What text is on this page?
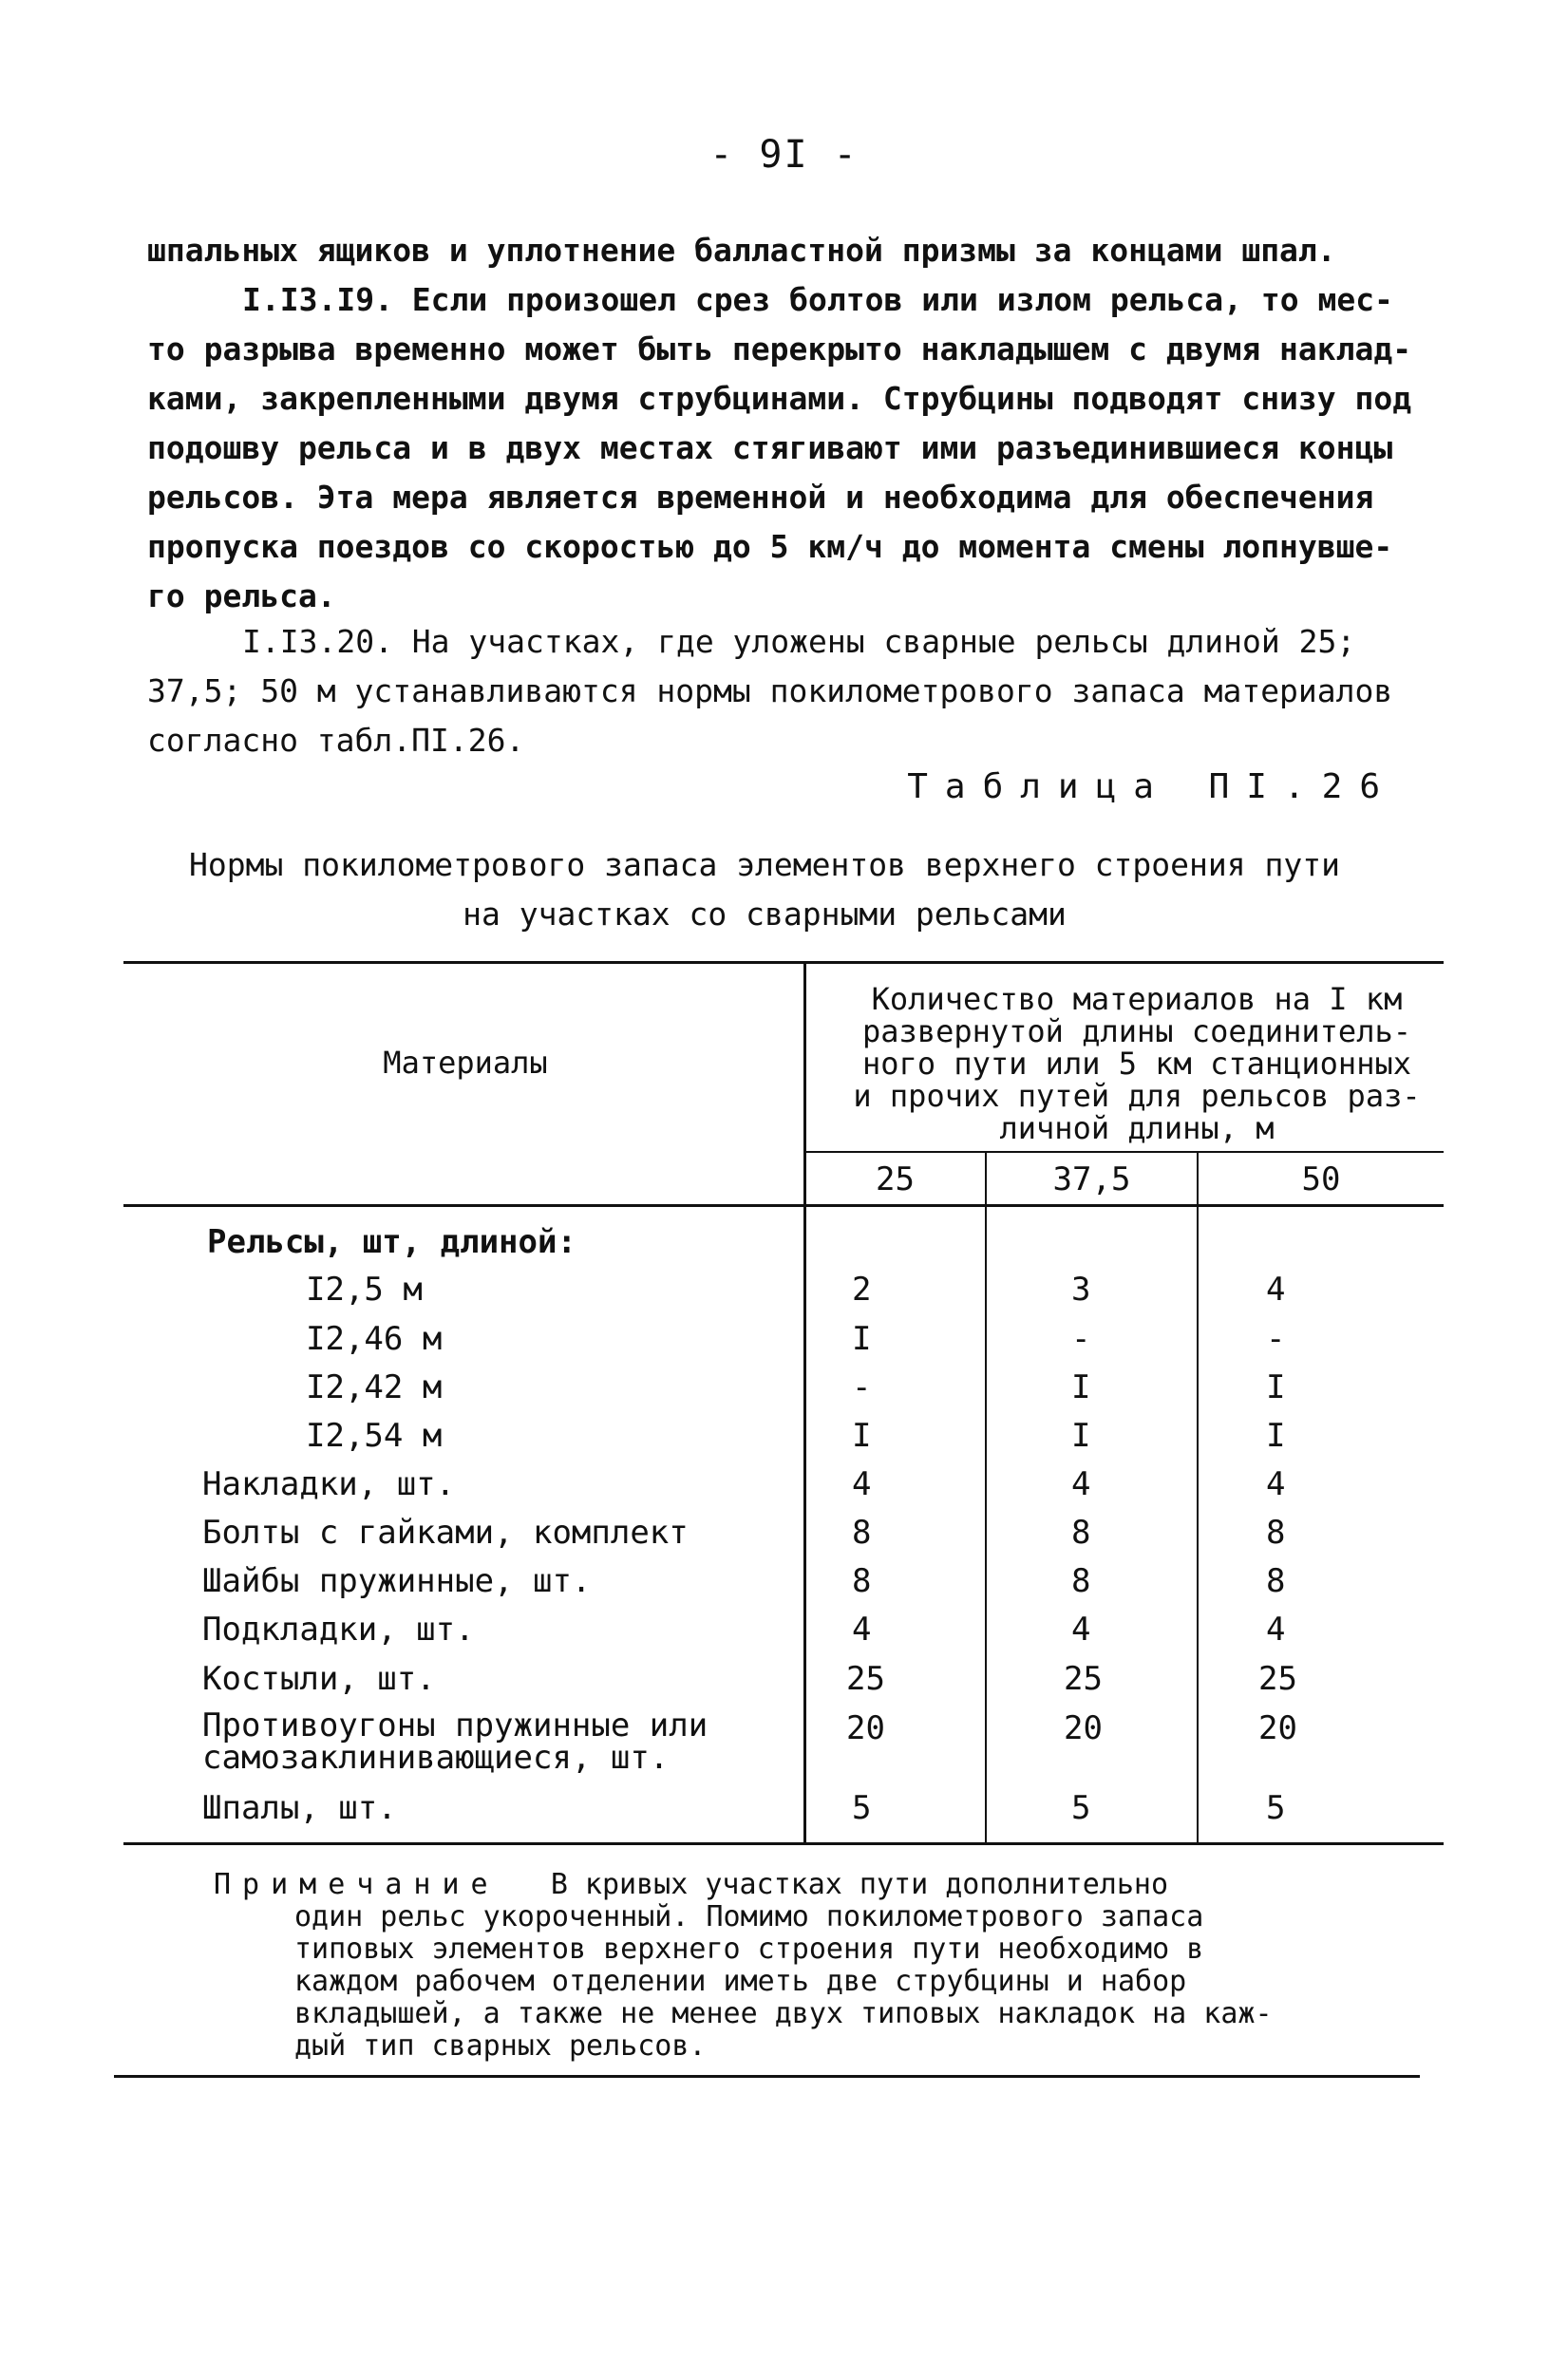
- 9I -
шпальных ящиков и уплотнение балластной призмы за концами шпал.
I.I3.I9. Если произошел срез болтов или излом рельса, то мес-
то разрыва временно может быть перекрыто накладышем с двумя наклад-
ками, закрепленными двумя струбцинами. Струбцины подводят снизу под
подошву рельса и в двух местах стягивают ими разъединившиеся концы
рельсов. Эта мера является временной и необходима для обеспечения
пропуска поездов со скоростью до 5 км/ч до момента смены лопнувше-
го рельса.
I.I3.20. На участках, где уложены сварные рельсы длиной 25;
37,5; 50 м устанавливаются нормы покилометрового запаса материалов
согласно табл.ПI.26.
Таблица ПI.26
Нормы покилометрового запаса элементов верхнего строения пути
на участках со сварными рельсами
Материалы
Количество материалов на I км
развернутой длины соединитель-
ного пути или 5 км станционных
и прочих путей для рельсов раз-
личной длины, м
25	37,5	50
Рельсы, шт, длиной:
I2,5 м	2	3	4
I2,46 м	I	-	-
I2,42 м	-	I	I
I2,54 м	I	I	I
Накладки, шт.	4	4	4
Болты с гайками, комплект	8	8	8
Шайбы пружинные, шт.	8	8	8
Подкладки, шт.	4	4	4
Костыли, шт.	25	25	25
Противоугоны пружинные или
самозаклинивающиеся, шт.
20	20	20
Шпалы, шт.	5	5	5
Примечание В кривых участках пути дополнительно
один рельс укороченный. Помимо покилометрового запаса
типовых элементов верхнего строения пути необходимо в
каждом рабочем отделении иметь две струбцины и набор
вкладышей, а также не менее двух типовых накладок на каж-
дый тип сварных рельсов.
